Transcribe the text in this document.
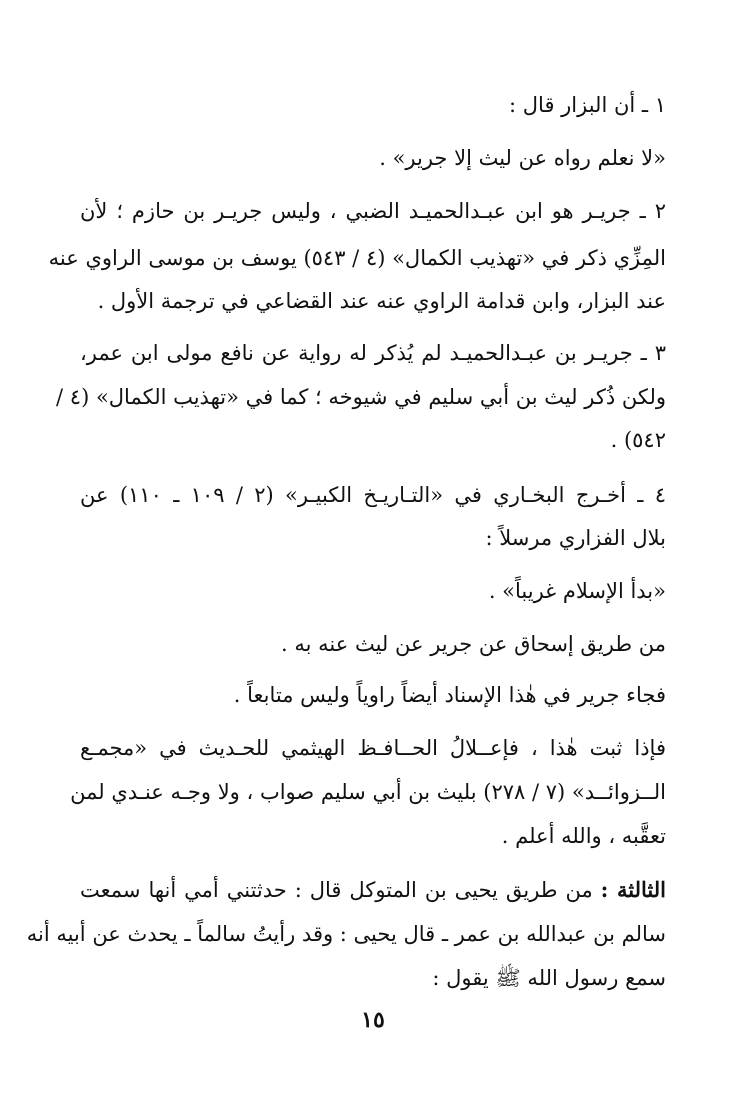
١ ـ أن البزار قال :
«لا نعلم رواه عن ليث إلا جرير» .
٢ ـ جريـر هو ابن عبـدالحميـد الضبي ، وليس جريـر بن حازم ؛ لأن
المِزِّي ذكر في «تهذيب الكمال» (٤ / ٥٤٣) يوسف بن موسى الراوي عنه
عند البزار، وابن قدامة الراوي عنه عند القضاعي في ترجمة الأول .
٣ ـ جريـر بن عبـدالحميـد لم يُذكر له رواية عن نافع مولى ابن عمر،
ولكن ذُكر ليث بن أبي سليم في شيوخه ؛ كما في «تهذيب الكمال» (٤ /
٥٤٢) .
٤ ـ أخـرج البخـاري في «التـاريـخ الكبيـر» (٢ / ١٠٩ ـ ١١٠) عن
بلال الفزاري مرسلاً :
«بدأ الإسلام غريباً» .
من طريق إسحاق عن جرير عن ليث عنه به .
فجاء جرير في هٰذا الإسناد أيضاً راوياً وليس متابعاً .
فإذا ثبت هٰذا ، فإعــلالُ الحــافـظ الهيثمي للحـديث في «مجمـع
الــزوائــد» (٧ / ٢٧٨) بليث بن أبي سليم صواب ، ولا وجـه عنـدي لمن
تعقَّبه ، والله أعلم .
الثالثة : من طريق يحيى بن المتوكل قال : حدثتني أمي أنها سمعت
سالم بن عبدالله بن عمر ـ قال يحيى : وقد رأيتُ سالماً ـ يحدث عن أبيه أنه
سمع رسول الله ﷺ يقول :
١٥
